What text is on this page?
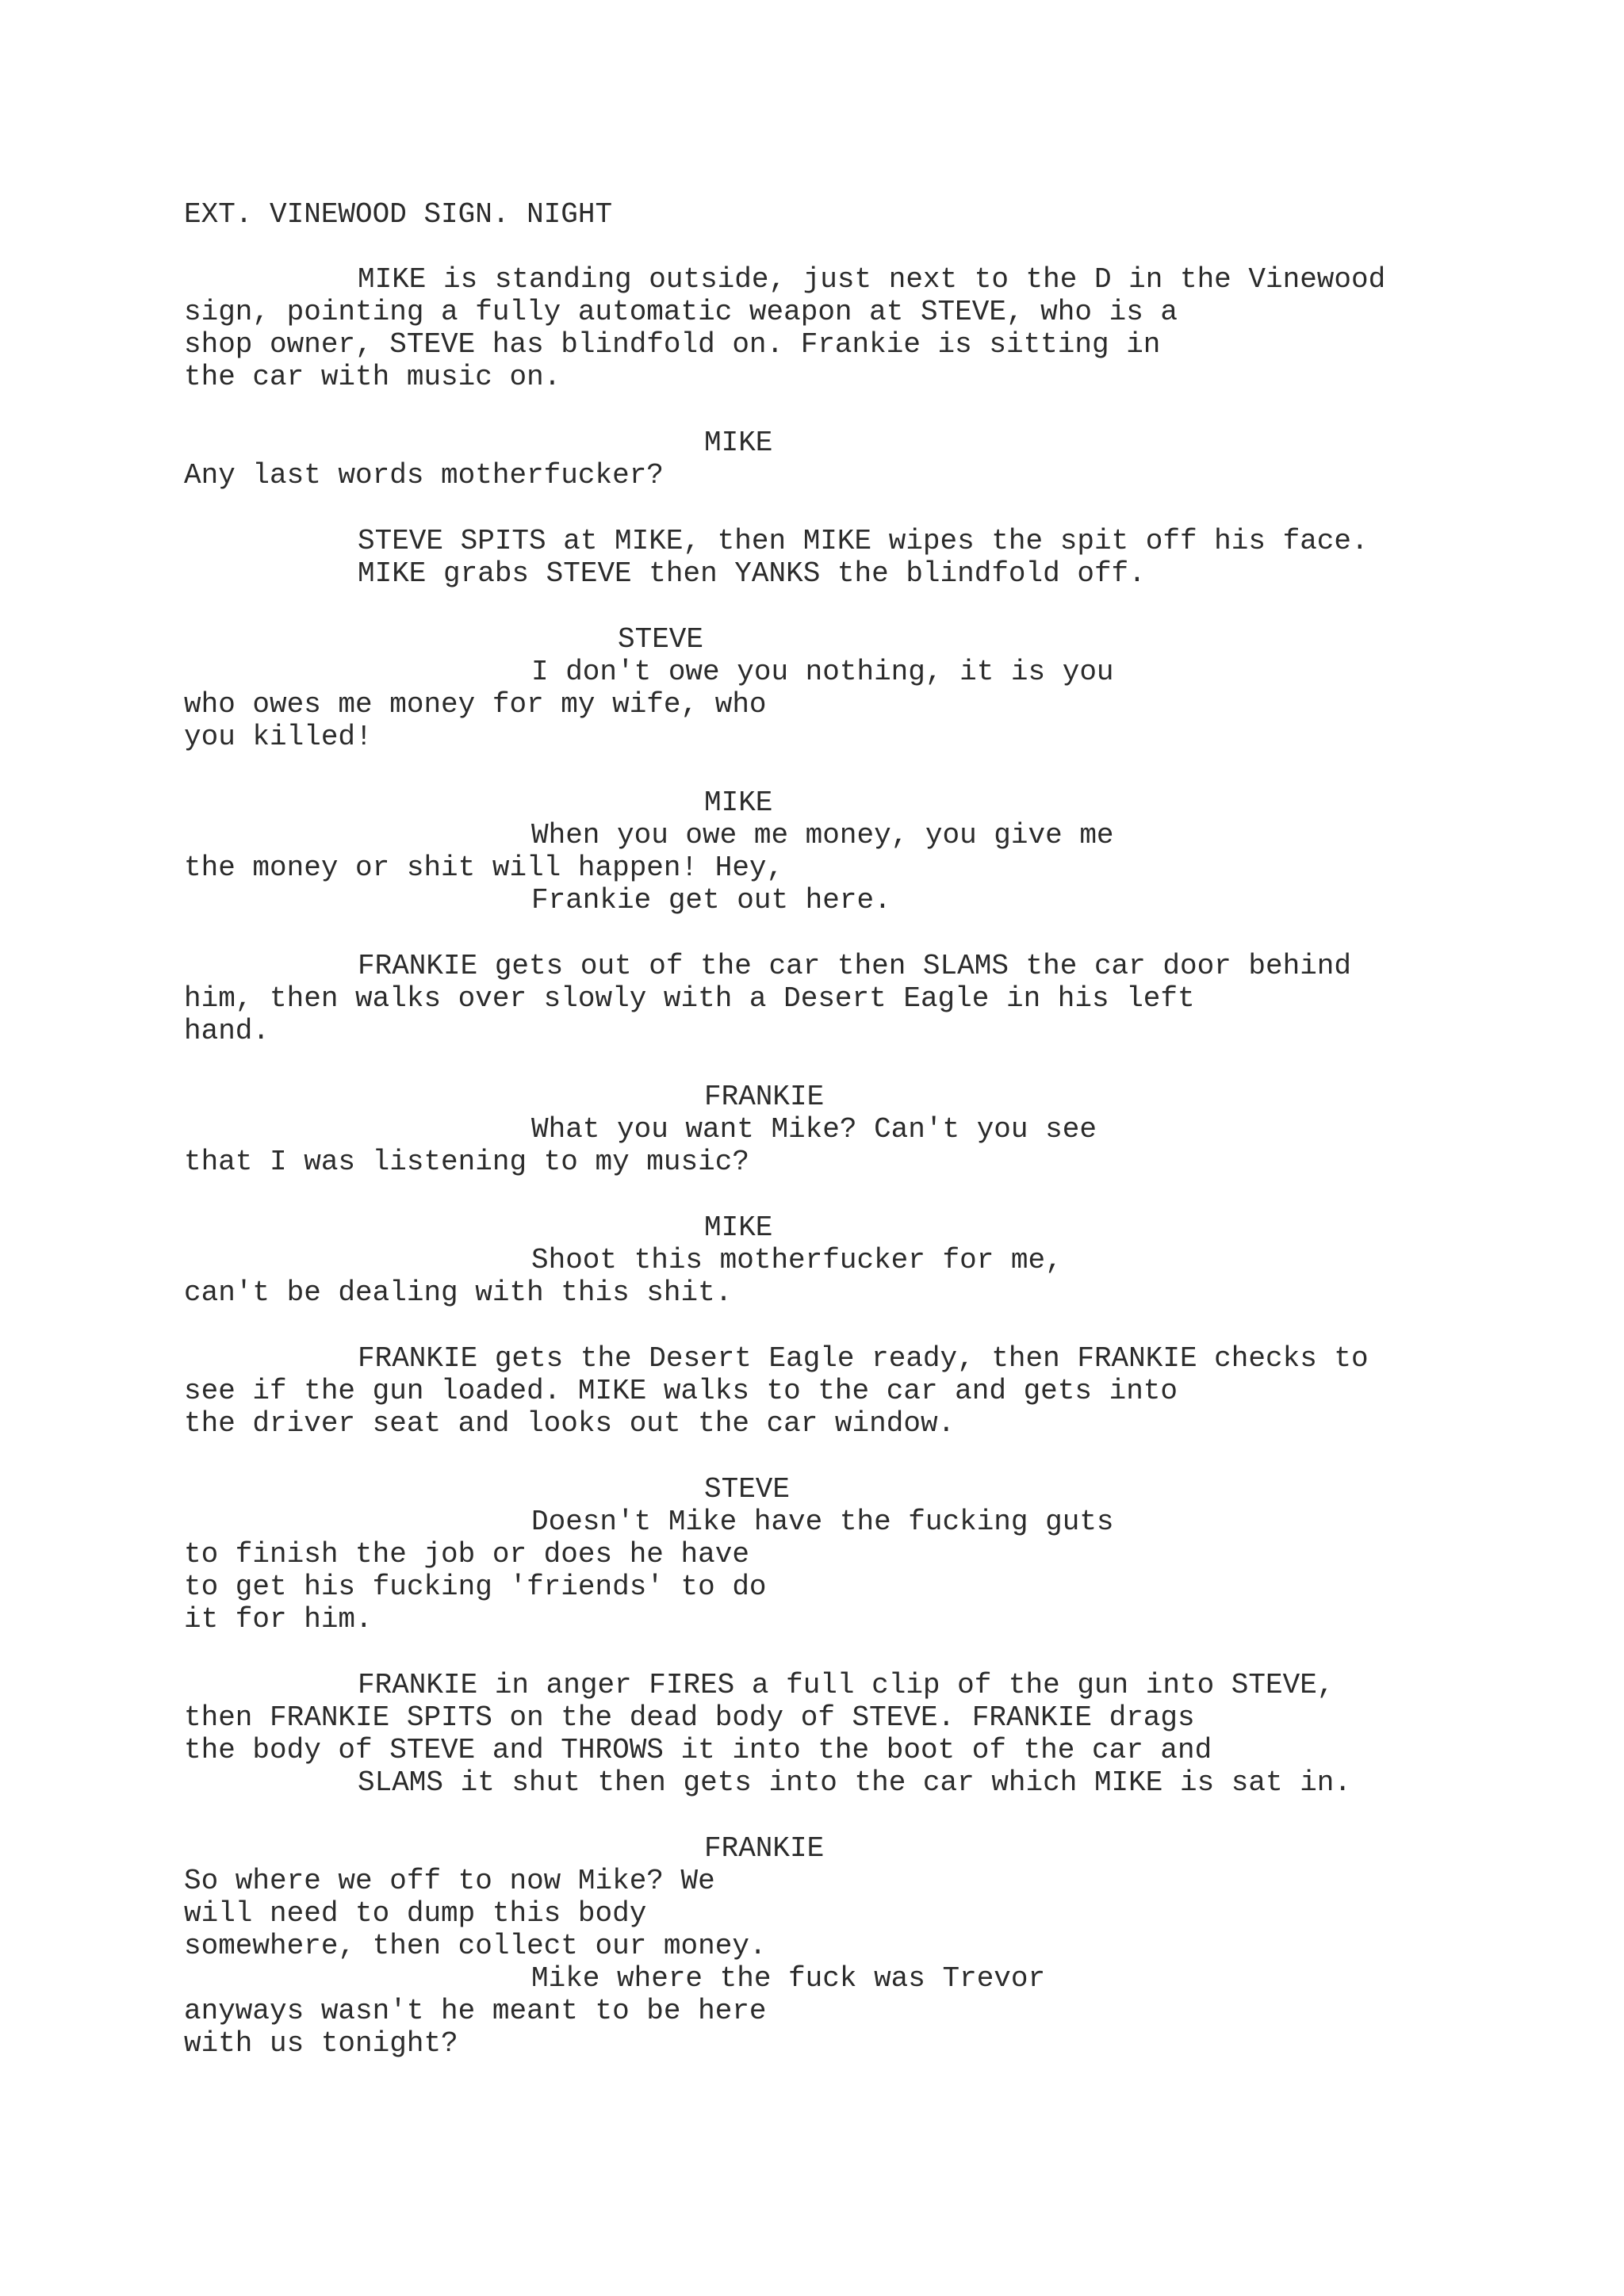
EXT. VINEWOOD SIGN. NIGHT
MIKE is standing outside, just next to the D in the Vinewood
sign, pointing a fully automatic weapon at STEVE, who is a
shop owner, STEVE has blindfold on. Frankie is sitting in
the car with music on.
MIKE
Any last words motherfucker?
STEVE SPITS at MIKE, then MIKE wipes the spit off his face.
MIKE grabs STEVE then YANKS the blindfold off.
STEVE
I don't owe you nothing, it is you
who owes me money for my wife, who
you killed!
MIKE
When you owe me money, you give me
the money or shit will happen! Hey,
Frankie get out here.
FRANKIE gets out of the car then SLAMS the car door behind
him, then walks over slowly with a Desert Eagle in his left
hand.
FRANKIE
What you want Mike? Can't you see
that I was listening to my music?
MIKE
Shoot this motherfucker for me,
can't be dealing with this shit.
FRANKIE gets the Desert Eagle ready, then FRANKIE checks to
see if the gun loaded. MIKE walks to the car and gets into
the driver seat and looks out the car window.
STEVE
Doesn't Mike have the fucking guts
to finish the job or does he have
to get his fucking 'friends' to do
it for him.
FRANKIE in anger FIRES a full clip of the gun into STEVE,
then FRANKIE SPITS on the dead body of STEVE. FRANKIE drags
the body of STEVE and THROWS it into the boot of the car and
SLAMS it shut then gets into the car which MIKE is sat in.
FRANKIE
So where we off to now Mike? We
will need to dump this body
somewhere, then collect our money.
Mike where the fuck was Trevor
anyways wasn't he meant to be here
with us tonight?
